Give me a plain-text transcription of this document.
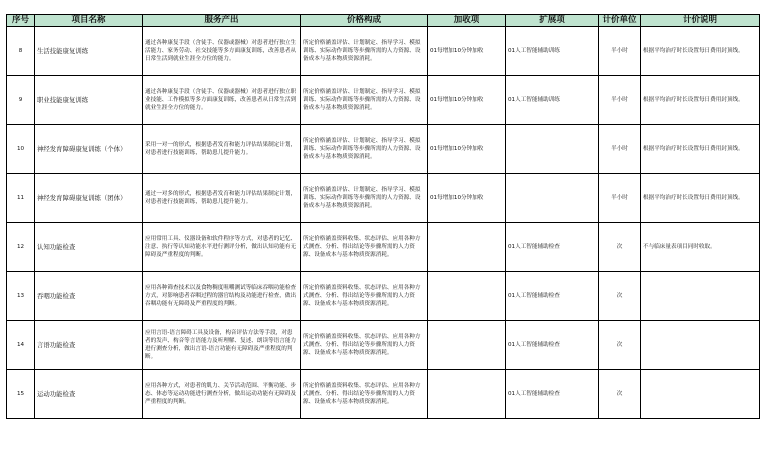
序号	项目名称	服务产出	价格构成	加收项	扩展项	计价单位	计价说明
8	生活技能康复训练	通过各种康复手段（含徒手、仪器或器械）对患者进行独立生活能力、家务劳动、社交技能等多方面康复训练，改善患者从日常生活到就业生涯全方位的能力。	所定价格涵盖评估、计划制定、指导学习、模拟训练、实际动作训练等步骤所需的人力资源、设备成本与基本物质资源消耗。	01每增加10分钟加收	01人工智能辅助训练	半小时	根据平均治疗时长设置每日费用封顶线。
9	职业技能康复训练	通过各种康复手段（含徒手、仪器或器械）对患者进行独立职业技能、工作模拟等多方面康复训练，改善患者从日常生活到就业生涯全方位的能力。	所定价格涵盖评估、计划制定、指导学习、模拟训练、实际动作训练等步骤所需的人力资源、设备成本与基本物质资源消耗。	01每增加10分钟加收	01人工智能辅助训练	半小时	根据平均治疗时长设置每日费用封顶线。
10	神经发育障碍康复训练（个体）	采用一对一的形式，根据患者发育和能力评估结果制定计划，对患者进行技能训练，帮助患儿提升能力。	所定价格涵盖评估、计划制定、指导学习、模拟训练、实际动作训练等步骤所需的人力资源、设备成本与基本物质资源消耗。	01每增加10分钟加收		半小时	根据平均治疗时长设置每日费用封顶线。
11	神经发育障碍康复训练（团体）	通过一对多的形式，根据患者发育和能力评估结果制定计划，对患者进行技能训练，帮助患儿提升能力。	所定价格涵盖评估、计划制定、指导学习、模拟训练、实际动作训练等步骤所需的人力资源、设备成本与基本物质资源消耗。	01每增加10分钟加收		半小时	根据平均治疗时长设置每日费用封顶线。
12	认知功能检查	应用常用工具、仪器设备和软件程序等方式，对患者的记忆、注意、执行等认知功能水平进行测评分析，做出认知功能有无障碍及严重程度的判断。	所定价格涵盖资料收集、状态评估、应用各种方式测查、分析、得出结论等步骤所需的人力资源、设备成本与基本物质资源消耗。		01人工智能辅助检查	次	不与临床量表项目同时收取。
13	吞咽功能检查	应用各种筛查技术以及食物稠度咀嚼测试等临床吞咽功能检查方式，对影响患者吞咽过程的器官结构及功能进行检查，做出吞咽功能有无障碍及严重程度的判断。	所定价格涵盖资料收集、状态评估、应用各种方式测查、分析、得出结论等步骤所需的人力资源、设备成本与基本物质资源消耗。		01人工智能辅助检查	次	
14	言语功能检查	应用言语-语言障碍工具及设备，构音评估方法等手段，对患者的发声、构音等言语能力及听理解、复述、朗读等语言能力进行测查分析，做出言语-语言功能有无障碍及严重程度的判断。	所定价格涵盖资料收集、状态评估、应用各种方式测查、分析、得出结论等步骤所需的人力资源、设备成本与基本物质资源消耗。		01人工智能辅助检查	次	
15	运动功能检查	应用各种方式，对患者的肌力、关节活动范围、平衡功能、步态、体态等运动功能进行测查分析，做出运动功能有无障碍及严重程度的判断。	所定价格涵盖资料收集、状态评估、应用各种方式测查、分析、得出结论等步骤所需的人力资源、设备成本与基本物质资源消耗。		01人工智能辅助检查	次	
